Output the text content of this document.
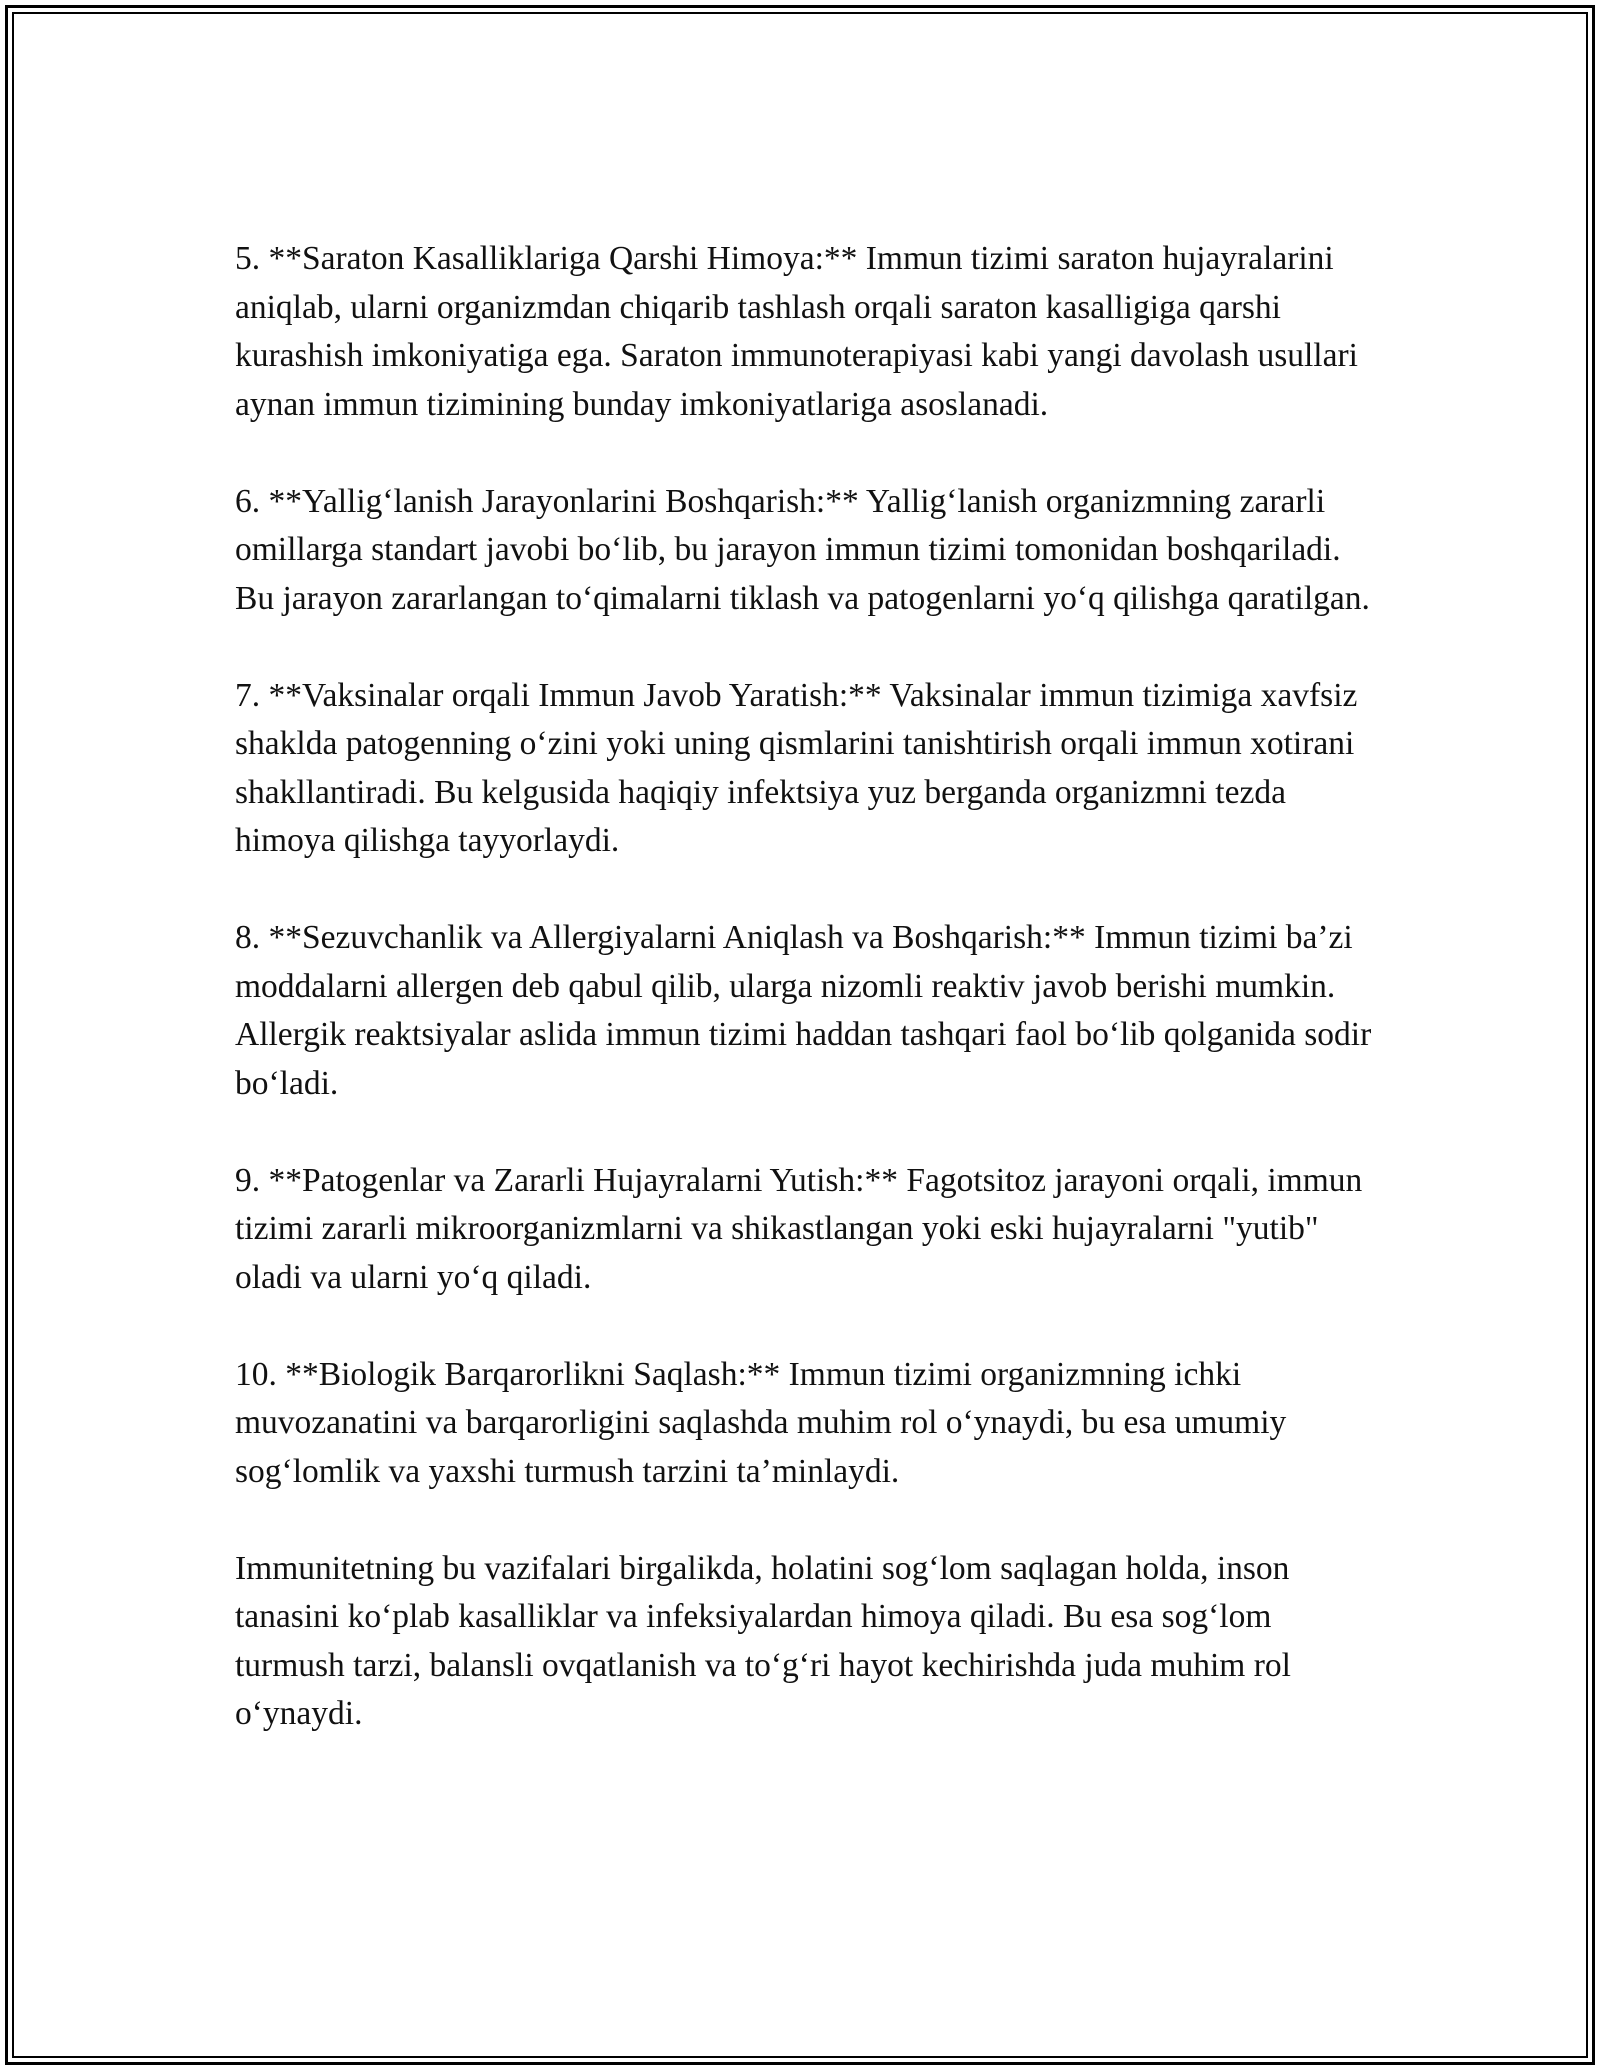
5. **Saraton Kasalliklariga Qarshi Himoya:** Immun tizimi saraton hujayralarini aniqlab, ularni organizmdan chiqarib tashlash orqali saraton kasalligiga qarshi kurashish imkoniyatiga ega. Saraton immunoterapiyasi kabi yangi davolash usullari aynan immun tizimining bunday imkoniyatlariga asoslanadi.

6. **Yallig‘lanish Jarayonlarini Boshqarish:** Yallig‘lanish organizmning zararli omillarga standart javobi bo‘lib, bu jarayon immun tizimi tomonidan boshqariladi. Bu jarayon zararlangan to‘qimalarni tiklash va patogenlarni yo‘q qilishga qaratilgan.

7. **Vaksinalar orqali Immun Javob Yaratish:** Vaksinalar immun tizimiga xavfsiz shaklda patogenning o‘zini yoki uning qismlarini tanishtirish orqali immun xotirani shakllantiradi. Bu kelgusida haqiqiy infektsiya yuz berganda organizmni tezda himoya qilishga tayyorlaydi.

8. **Sezuvchanlik va Allergiyalarni Aniqlash va Boshqarish:** Immun tizimi ba’zi moddalarni allergen deb qabul qilib, ularga nizomli reaktiv javob berishi mumkin. Allergik reaktsiyalar aslida immun tizimi haddan tashqari faol bo‘lib qolganida sodir bo‘ladi.

9. **Patogenlar va Zararli Hujayralarni Yutish:** Fagotsitoz jarayoni orqali, immun tizimi zararli mikroorganizmlarni va shikastlangan yoki eski hujayralarni "yutib" oladi va ularni yo‘q qiladi.

10. **Biologik Barqarorlikni Saqlash:** Immun tizimi organizmning ichki muvozanatini va barqarorligini saqlashda muhim rol o‘ynaydi, bu esa umumiy sog‘lomlik va yaxshi turmush tarzini ta’minlaydi.

Immunitetning bu vazifalari birgalikda, holatini sog‘lom saqlagan holda, inson tanasini ko‘plab kasalliklar va infeksiyalardan himoya qiladi. Bu esa sog‘lom turmush tarzi, balansli ovqatlanish va to‘g‘ri hayot kechirishda juda muhim rol o‘ynaydi.
